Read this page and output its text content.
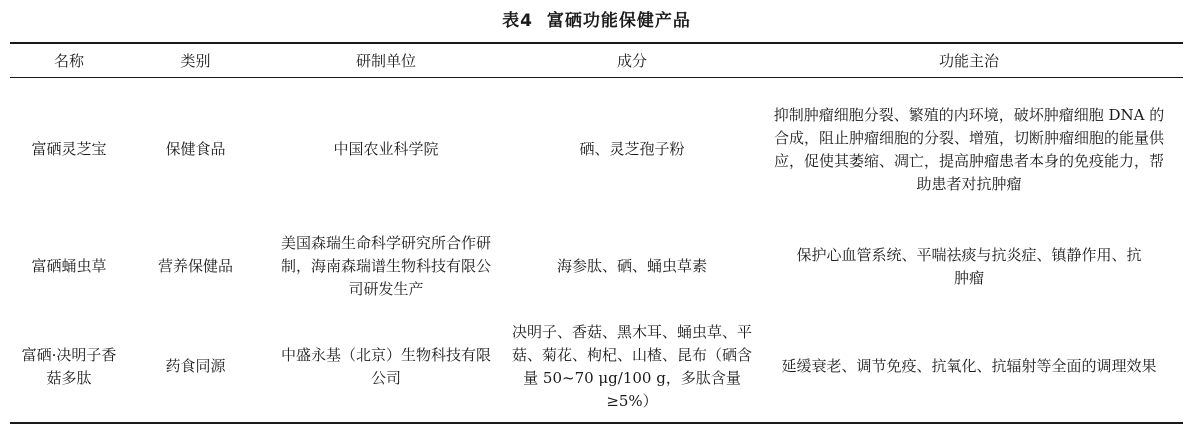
表4 富硒功能保健产品
名称	类别	研制单位	成分	功能主治
富硒灵芝宝	保健食品	中国农业科学院	硒、灵芝孢子粉	抑制肿瘤细胞分裂、繁殖的内环境，破坏肿瘤细胞 DNA 的合成，阻止肿瘤细胞的分裂、增殖，切断肿瘤细胞的能量供应，促使其萎缩、凋亡，提高肿瘤患者本身的免疫能力，帮助患者对抗肿瘤
富硒蛹虫草	营养保健品	美国森瑞生命科学研究所合作研制，海南森瑞谱生物科技有限公司研发生产	海参肽、硒、蛹虫草素	保护心血管系统、平喘祛痰与抗炎症、镇静作用、抗肿瘤
富硒·决明子香菇多肽	药食同源	中盛永基（北京）生物科技有限公司	决明子、香菇、黑木耳、蛹虫草、平菇、菊花、枸杞、山楂、昆布（硒含量 50~70 μg/100 g，多肽含量≥5%）	延缓衰老、调节免疫、抗氧化、抗辐射等全面的调理效果
